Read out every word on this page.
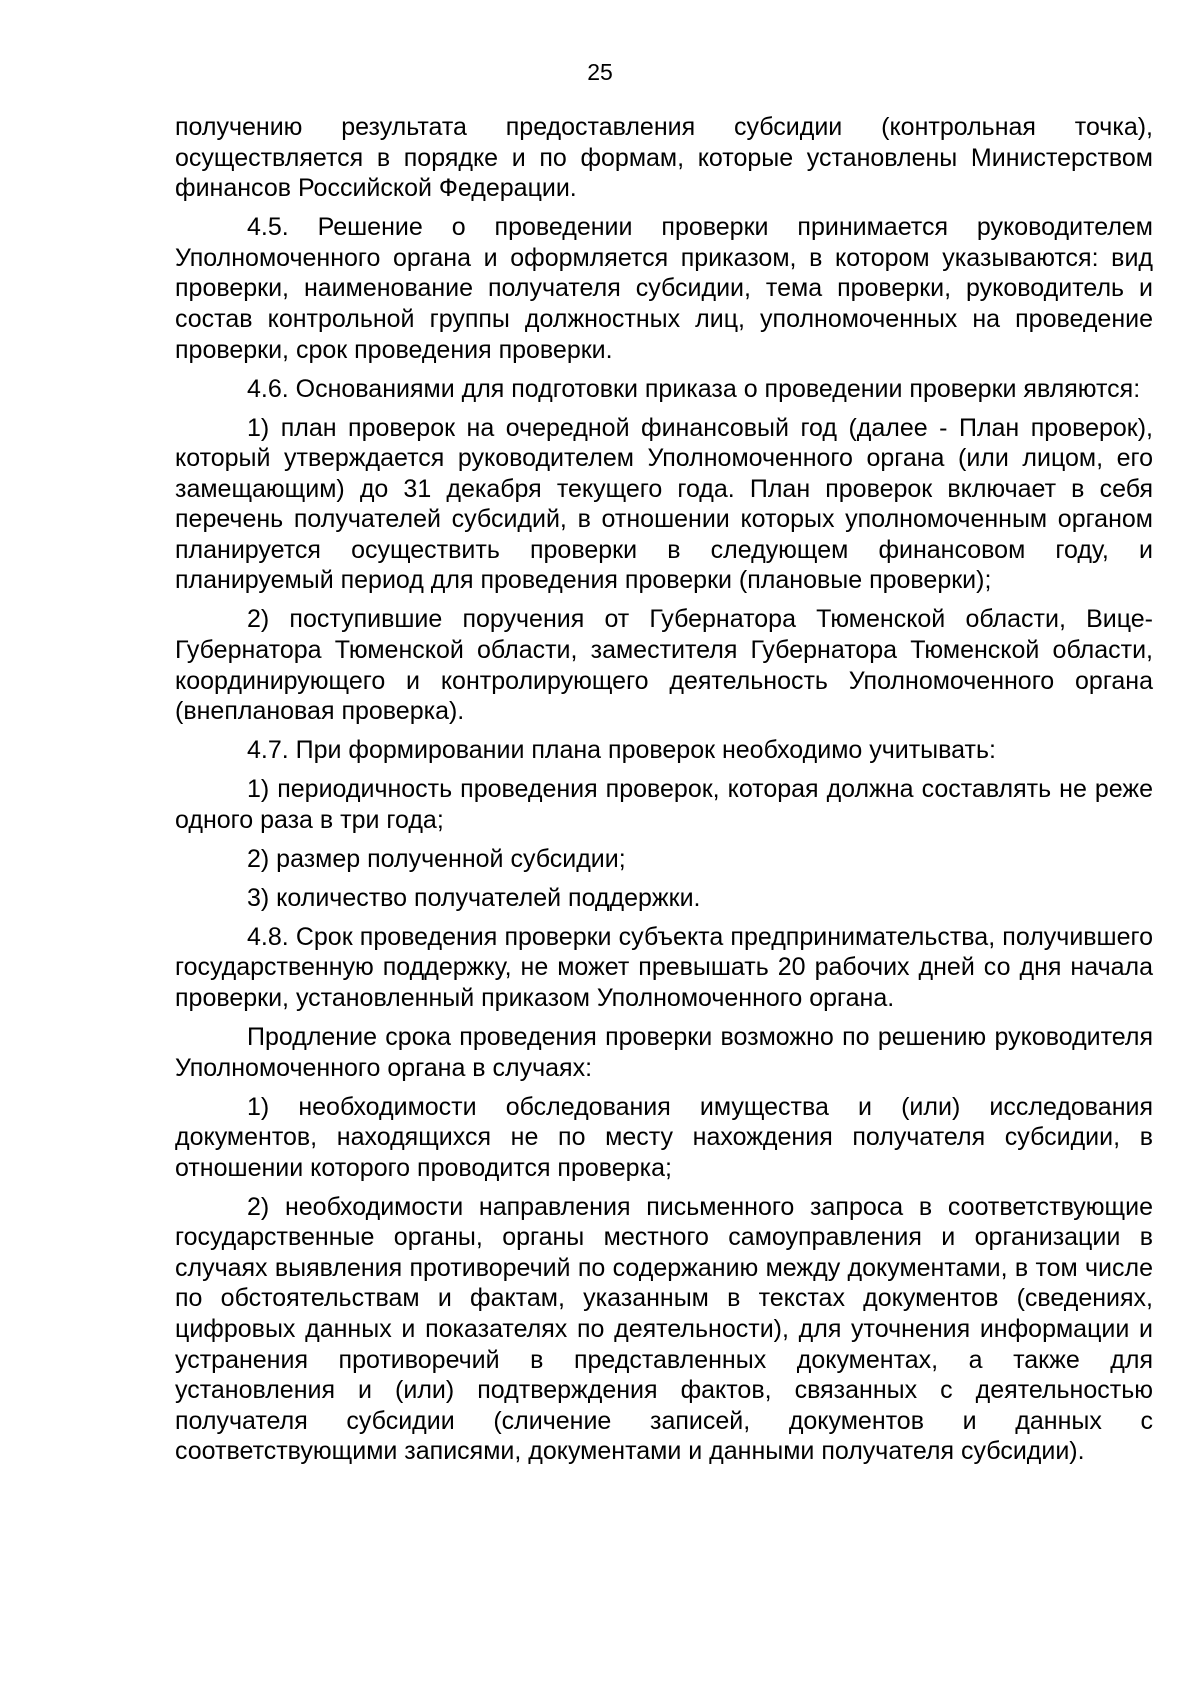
25

получению результата предоставления субсидии (контрольная точка), осуществляется в порядке и по формам, которые установлены Министерством финансов Российской Федерации.

4.5. Решение о проведении проверки принимается руководителем Уполномоченного органа и оформляется приказом, в котором указываются: вид проверки, наименование получателя субсидии, тема проверки, руководитель и состав контрольной группы должностных лиц, уполномоченных на проведение проверки, срок проведения проверки.

4.6. Основаниями для подготовки приказа о проведении проверки являются:

1) план проверок на очередной финансовый год (далее - План проверок), который утверждается руководителем Уполномоченного органа (или лицом, его замещающим) до 31 декабря текущего года. План проверок включает в себя перечень получателей субсидий, в отношении которых уполномоченным органом планируется осуществить проверки в следующем финансовом году, и планируемый период для проведения проверки (плановые проверки);

2) поступившие поручения от Губернатора Тюменской области, Вице-Губернатора Тюменской области, заместителя Губернатора Тюменской области, координирующего и контролирующего деятельность Уполномоченного органа (внеплановая проверка).

4.7. При формировании плана проверок необходимо учитывать:

1) периодичность проведения проверок, которая должна составлять не реже одного раза в три года;

2) размер полученной субсидии;

3) количество получателей поддержки.

4.8. Срок проведения проверки субъекта предпринимательства, получившего государственную поддержку, не может превышать 20 рабочих дней со дня начала проверки, установленный приказом Уполномоченного органа.

Продление срока проведения проверки возможно по решению руководителя Уполномоченного органа в случаях:

1) необходимости обследования имущества и (или) исследования документов, находящихся не по месту нахождения получателя субсидии, в отношении которого проводится проверка;

2) необходимости направления письменного запроса в соответствующие государственные органы, органы местного самоуправления и организации в случаях выявления противоречий по содержанию между документами, в том числе по обстоятельствам и фактам, указанным в текстах документов (сведениях, цифровых данных и показателях по деятельности), для уточнения информации и устранения противоречий в представленных документах, а также для установления и (или) подтверждения фактов, связанных с деятельностью получателя субсидии (сличение записей, документов и данных с соответствующими записями, документами и данными получателя субсидии).
